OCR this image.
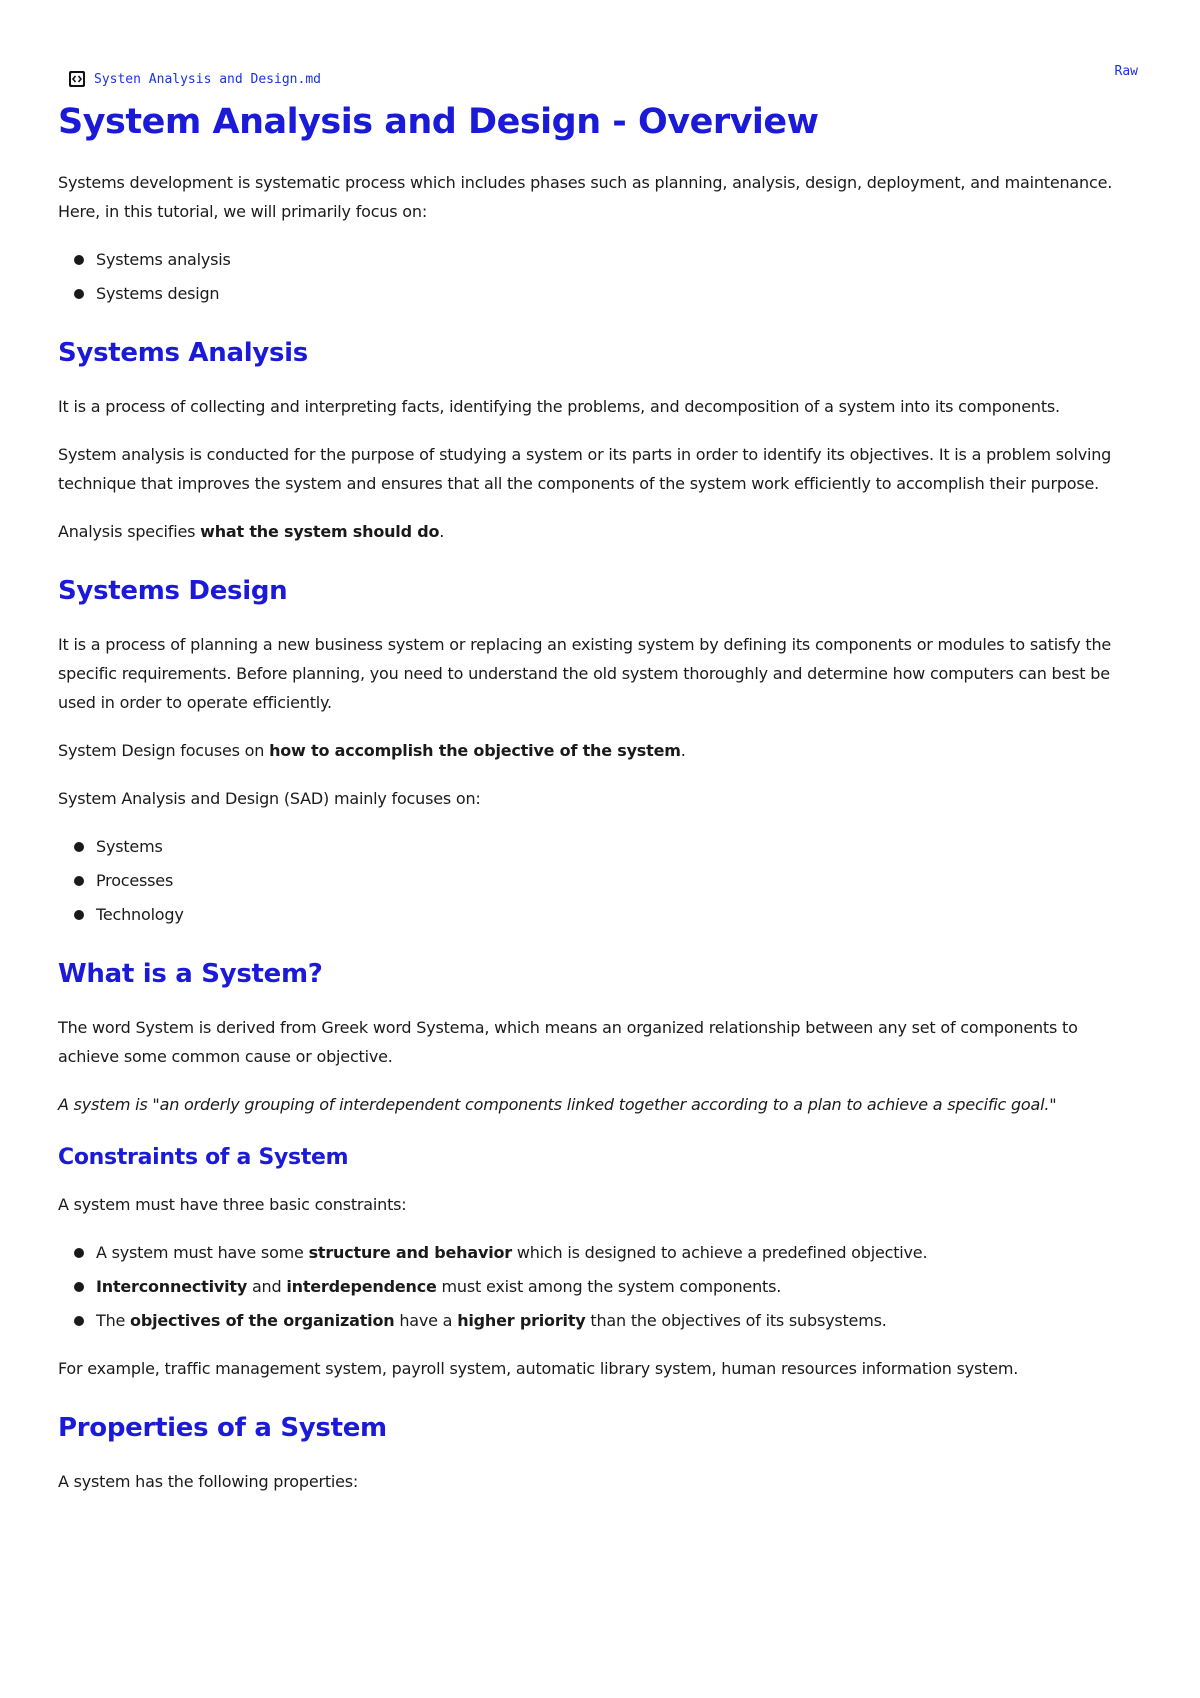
Systen Analysis and Design.md	Raw
System Analysis and Design - Overview

Systems development is systematic process which includes phases such as planning, analysis, design, deployment, and maintenance. Here, in this tutorial, we will primarily focus on:

Systems analysis
Systems design
Systems Analysis

It is a process of collecting and interpreting facts, identifying the problems, and decomposition of a system into its components.

System analysis is conducted for the purpose of studying a system or its parts in order to identify its objectives. It is a problem solving technique that improves the system and ensures that all the components of the system work efficiently to accomplish their purpose.

Analysis specifies what the system should do.

Systems Design

It is a process of planning a new business system or replacing an existing system by defining its components or modules to satisfy the specific requirements. Before planning, you need to understand the old system thoroughly and determine how computers can best be used in order to operate efficiently.

System Design focuses on how to accomplish the objective of the system.

System Analysis and Design (SAD) mainly focuses on:

Systems
Processes
Technology
What is a System?

The word System is derived from Greek word Systema, which means an organized relationship between any set of components to achieve some common cause or objective.

A system is "an orderly grouping of interdependent components linked together according to a plan to achieve a specific goal."

Constraints of a System

A system must have three basic constraints:

A system must have some structure and behavior which is designed to achieve a predefined objective.
Interconnectivity and interdependence must exist among the system components.
The objectives of the organization have a higher priority than the objectives of its subsystems.

For example, traffic management system, payroll system, automatic library system, human resources information system.

Properties of a System

A system has the following properties:
